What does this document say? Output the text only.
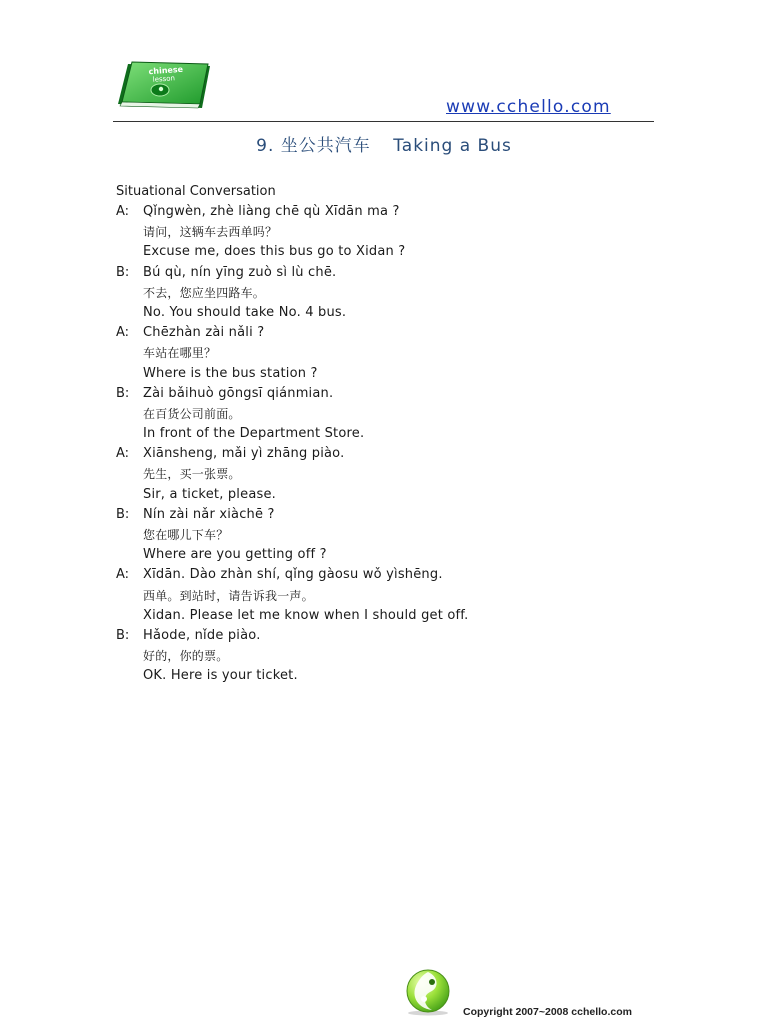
chinese
lesson
www.cchello.com
9. 坐公共汽车 Taking a Bus
Situational Conversation
A:	Qǐngwèn, zhè liàng chē qù Xīdān ma ?
请问，这辆车去西单吗？
Excuse me, does this bus go to Xidan ?
B:	Bú qù, nín yīng zuò sì lù chē.
不去，您应坐四路车。
No. You should take No. 4 bus.
A:	Chēzhàn zài nǎli ?
车站在哪里？
Where is the bus station ?
B:	Zài bǎihuò gōngsī qiánmian.
在百货公司前面。
In front of the Department Store.
A:	Xiānsheng, mǎi yì zhāng piào.
先生，买一张票。
Sir, a ticket, please.
B:	Nín zài nǎr xiàchē ?
您在哪儿下车？
Where are you getting off ?
A:	Xīdān. Dào zhàn shí, qǐng gàosu wǒ yìshēng.
西单。到站时，请告诉我一声。
Xidan. Please let me know when I should get off.
B:	Hǎode, nǐde piào.
好的，你的票。
OK. Here is your ticket.
Copyright 2007~2008 cchello.com
